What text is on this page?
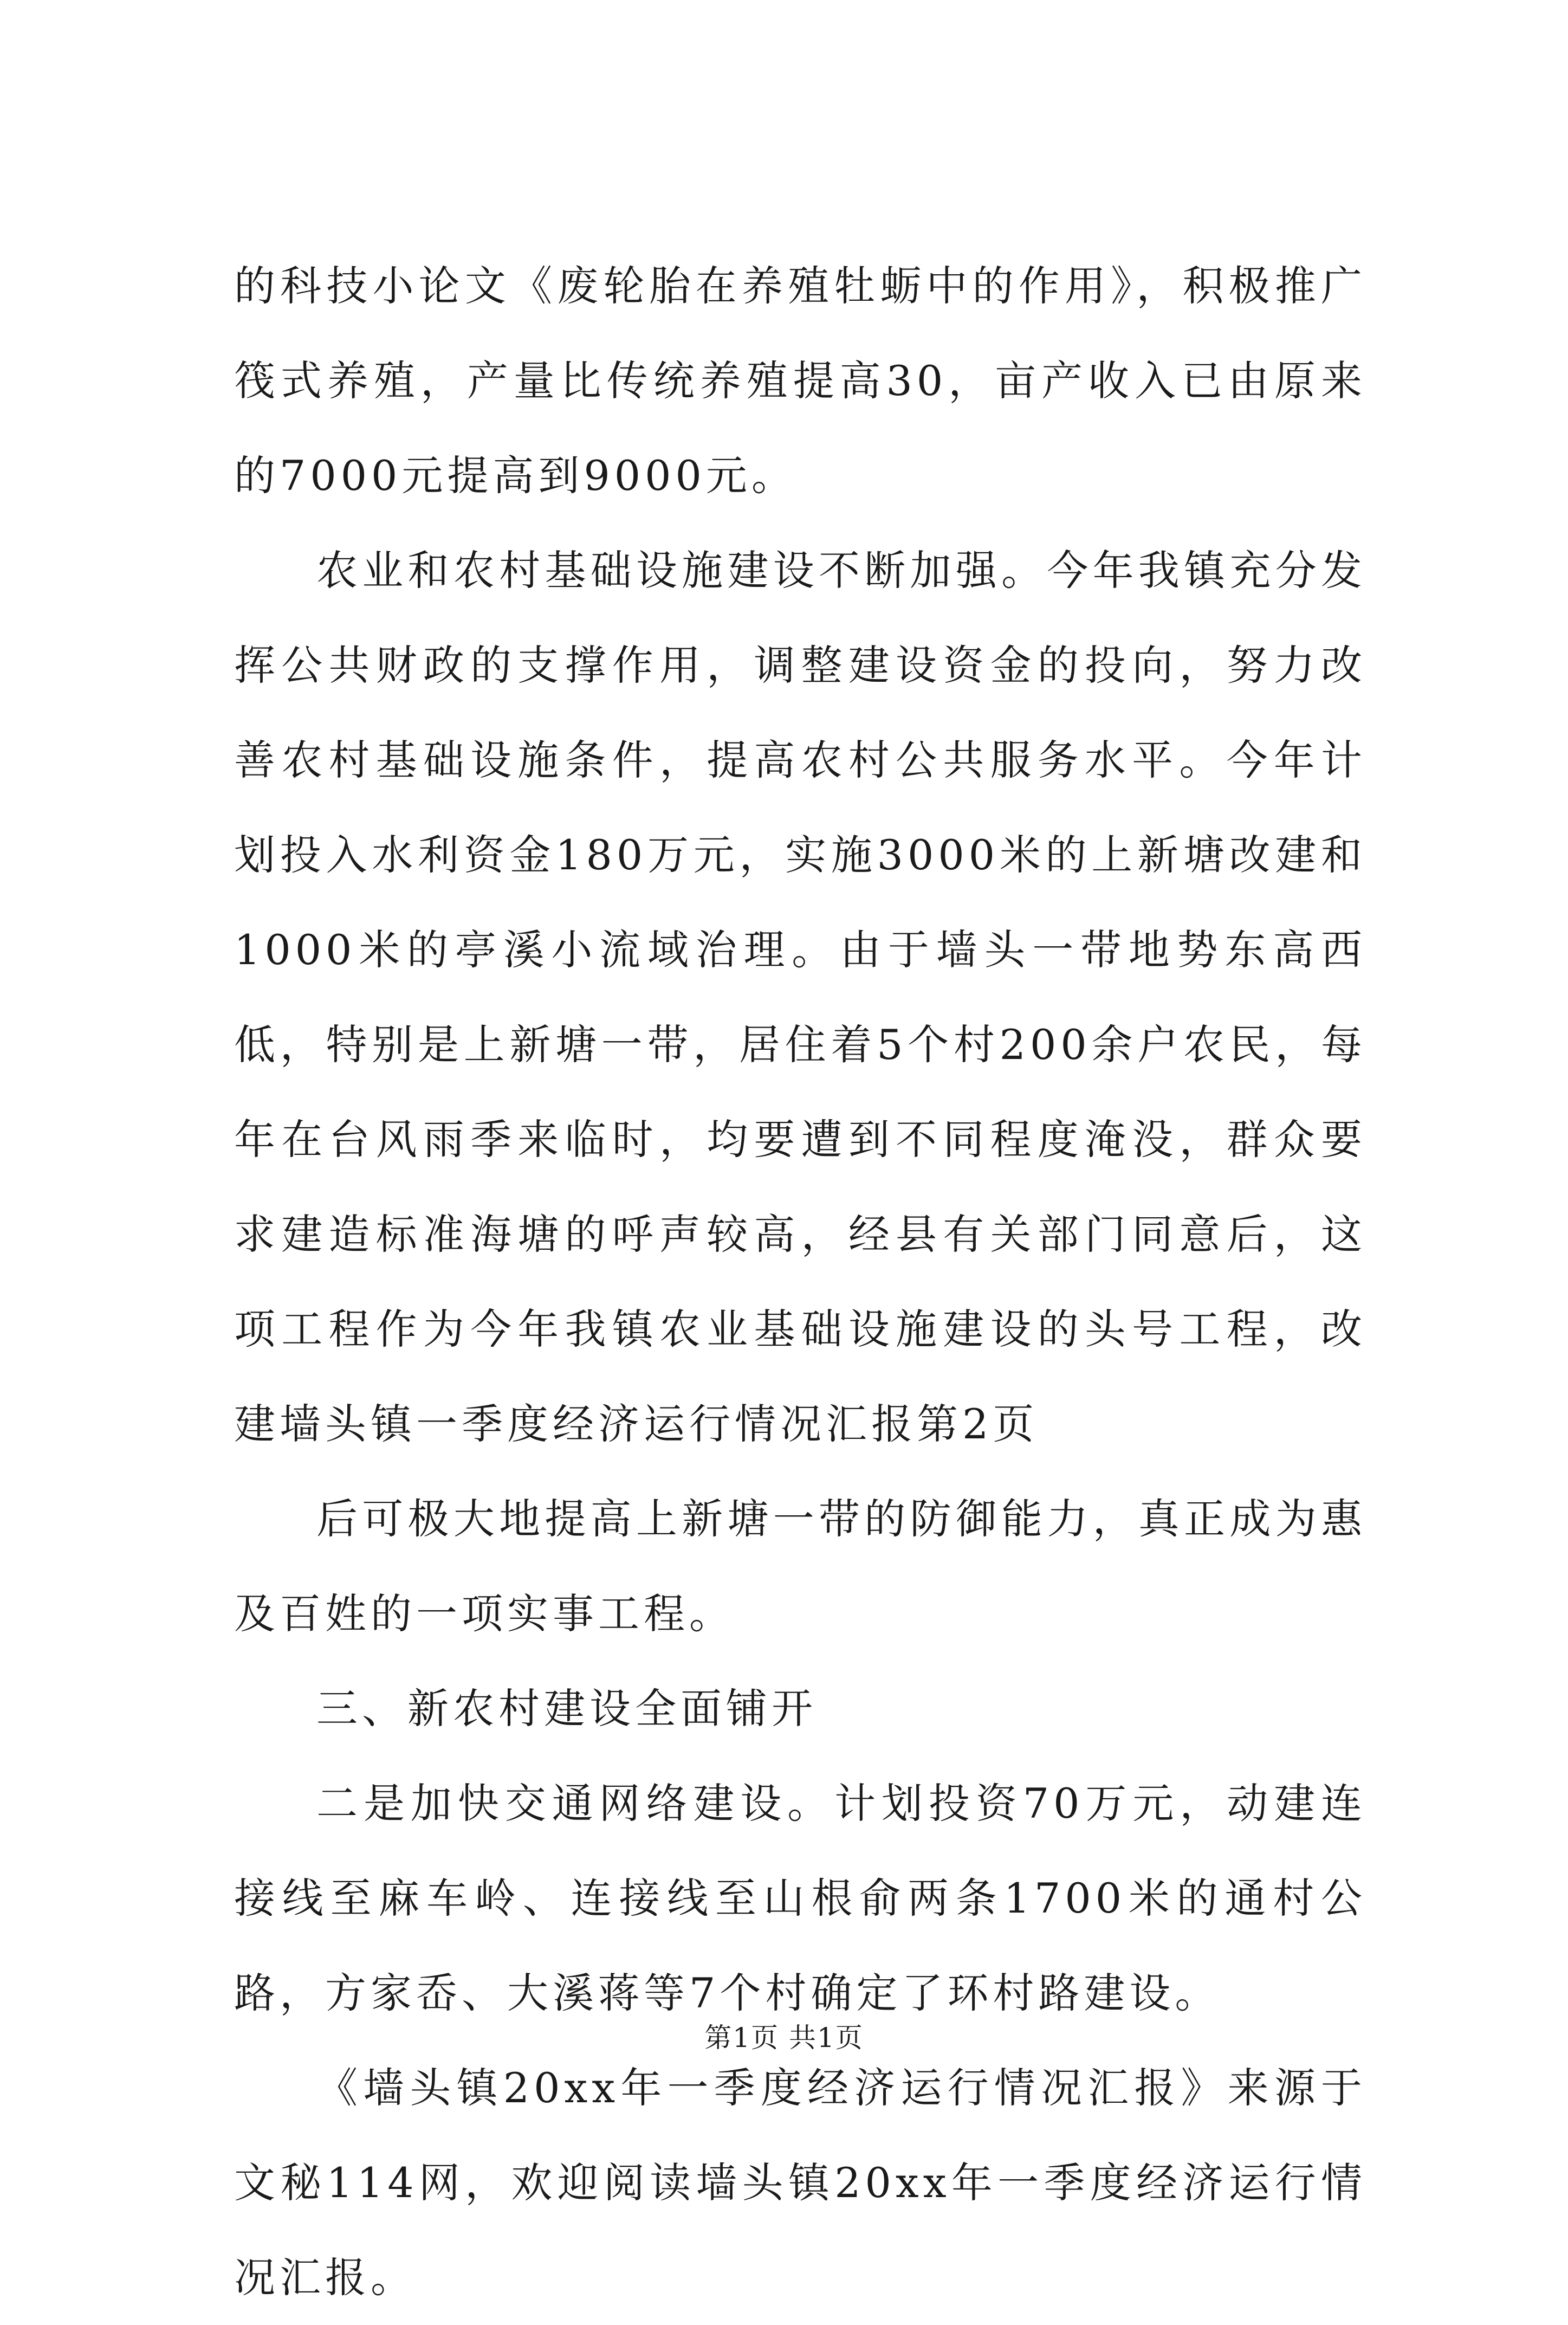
的科技小论文《废轮胎在养殖牡蛎中的作用》，积极推广筏式养殖，产量比传统养殖提高30，亩产收入已由原来的7000元提高到9000元。

农业和农村基础设施建设不断加强。今年我镇充分发挥公共财政的支撑作用，调整建设资金的投向，努力改善农村基础设施条件，提高农村公共服务水平。今年计划投入水利资金180万元，实施3000米的上新塘改建和1000米的亭溪小流域治理。由于墙头一带地势东高西低，特别是上新塘一带，居住着5个村200余户农民，每年在台风雨季来临时，均要遭到不同程度淹没，群众要求建造标准海塘的呼声较高，经县有关部门同意后，这项工程作为今年我镇农业基础设施建设的头号工程，改建墙头镇一季度经济运行情况汇报第2页

后可极大地提高上新塘一带的防御能力，真正成为惠及百姓的一项实事工程。

三、新农村建设全面铺开

二是加快交通网络建设。计划投资70万元，动建连接线至麻车岭、连接线至山根俞两条1700米的通村公路，方家岙、大溪蒋等7个村确定了环村路建设。

《墙头镇20xx年一季度经济运行情况汇报》来源于文秘114网，欢迎阅读墙头镇20xx年一季度经济运行情况汇报。

第1页 共1页
